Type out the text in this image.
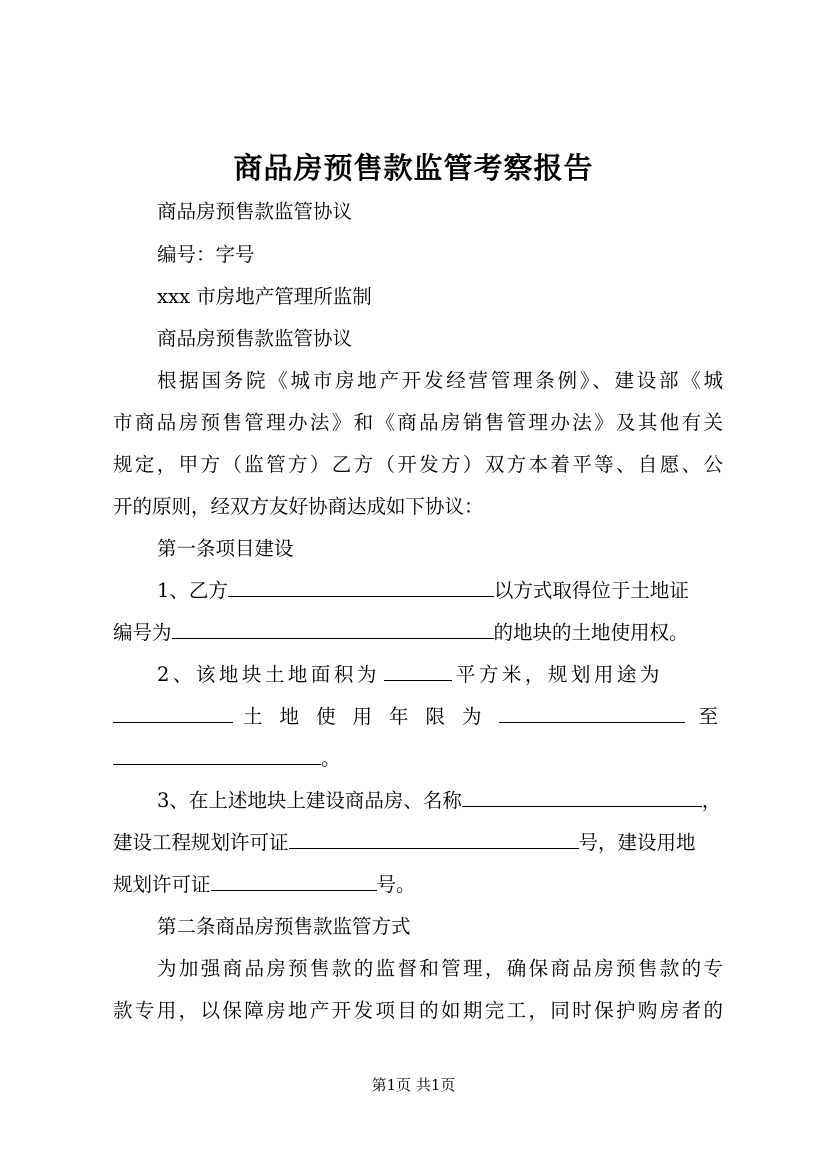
商品房预售款监管考察报告
商品房预售款监管协议
编号：字号
xxx 市房地产管理所监制
商品房预售款监管协议
根据国务院《城市房地产开发经营管理条例》、建设部《城
市商品房预售管理办法》和《商品房销售管理办法》及其他有关
规定，甲方（监管方）乙方（开发方）双方本着平等、自愿、公
开的原则，经双方友好协商达成如下协议：
第一条项目建设
1、乙方	以方式取得位于土地证
编号为	的地块的土地使用权。
2、该地块土地面积为	平方米，规划用途为
土地使用年限为	至
。
3、在上述地块上建设商品房、名称	，
建设工程规划许可证	号，建设用地
规划许可证	号。
第二条商品房预售款监管方式
为加强商品房预售款的监督和管理，确保商品房预售款的专
款专用，以保障房地产开发项目的如期完工，同时保护购房者的
第1页 共1页
